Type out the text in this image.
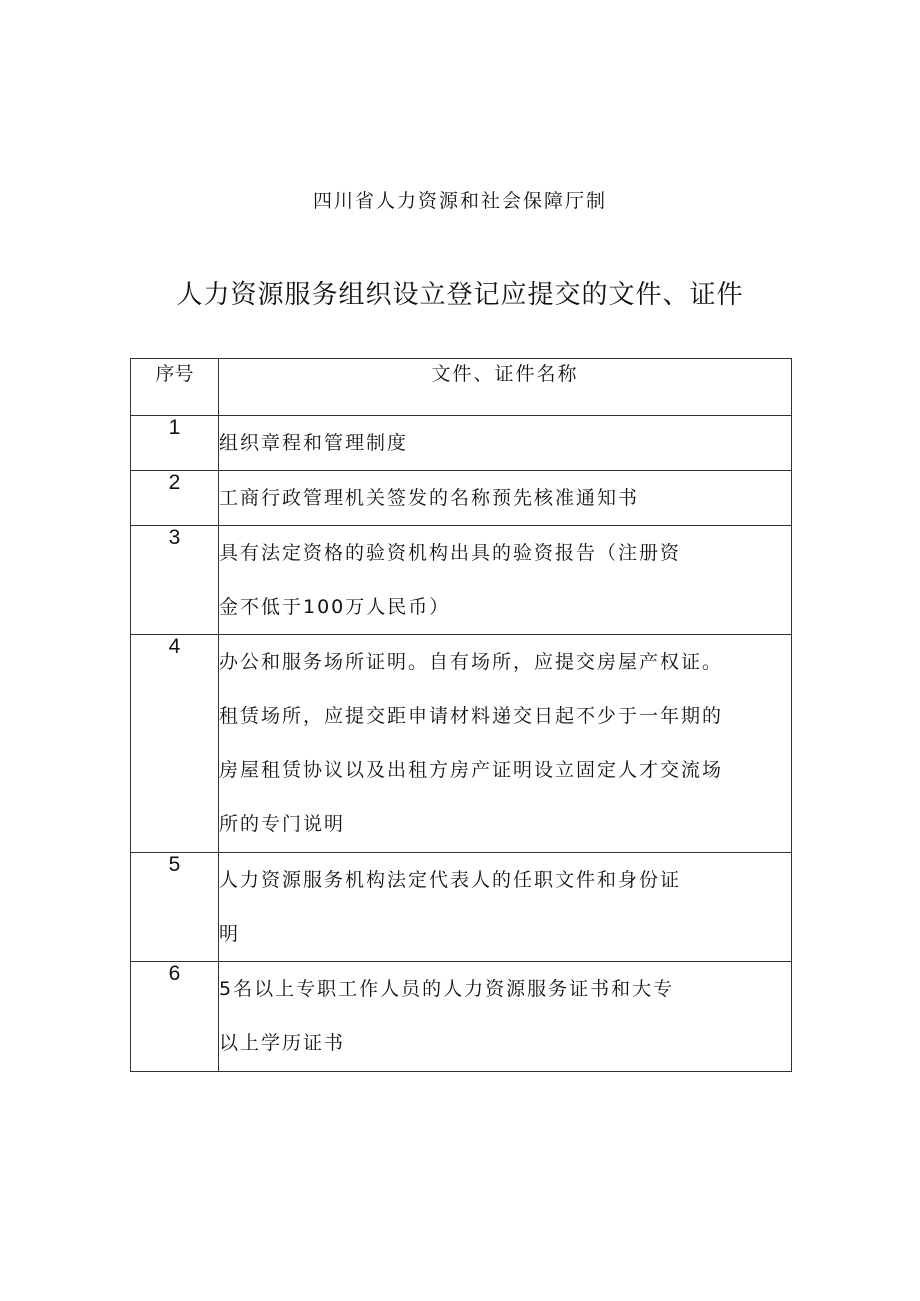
四川省人力资源和社会保障厅制
人力资源服务组织设立登记应提交的文件、证件
序号	文件、证件名称
1	组织章程和管理制度

2	工商行政管理机关签发的名称预先核准通知书

3	具有法定资格的验资机构出具的验资报告（注册资
金不低于100万人民币）

4	办公和服务场所证明。自有场所，应提交房屋产权证。
租赁场所，应提交距申请材料递交日起不少于一年期的
房屋租赁协议以及出租方房产证明设立固定人才交流场
所的专门说明

5	人力资源服务机构法定代表人的任职文件和身份证
明

6	5名以上专职工作人员的人力资源服务证书和大专
以上学历证书
